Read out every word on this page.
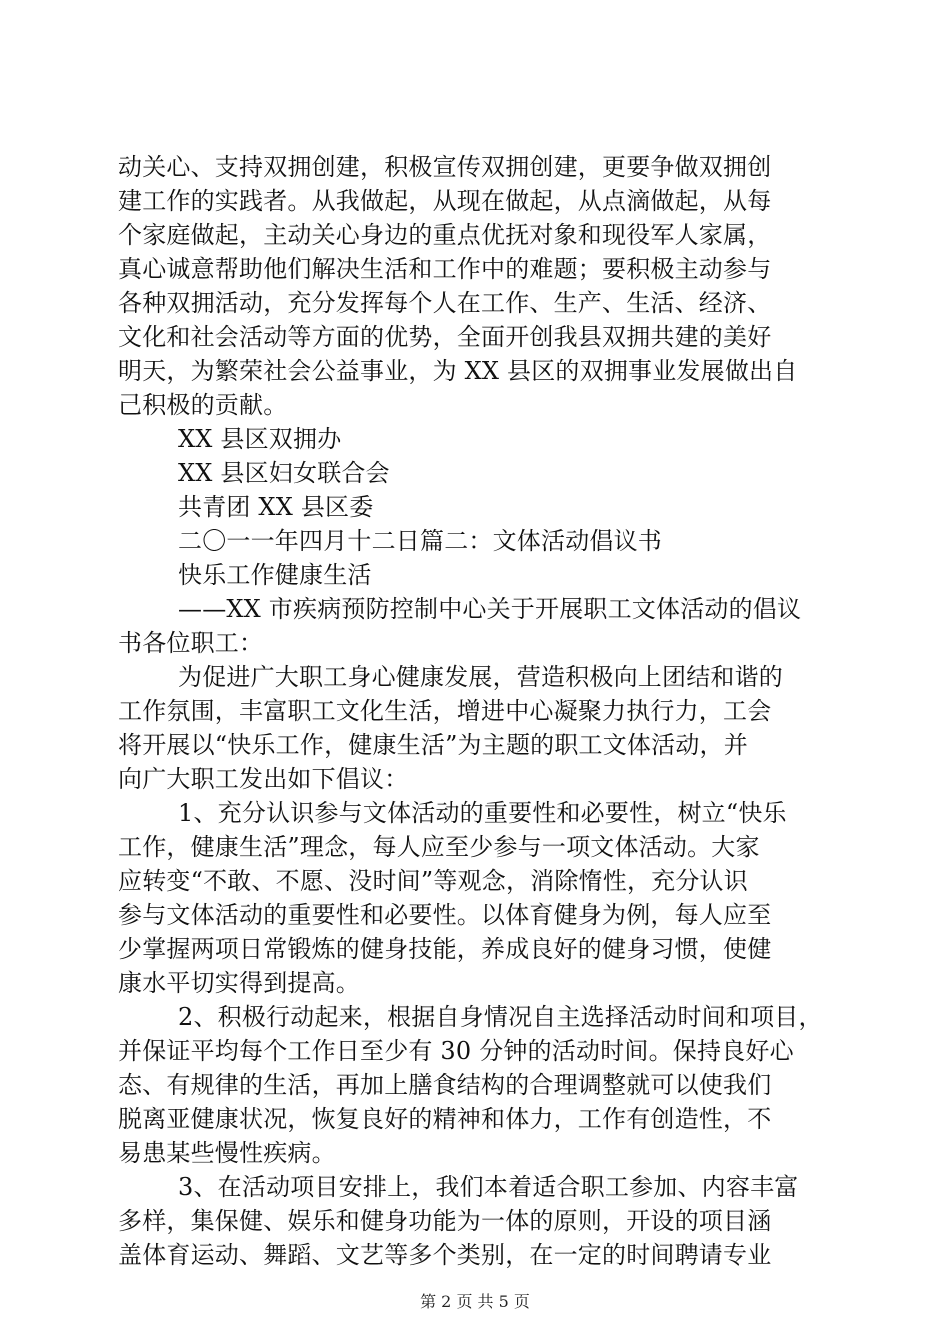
动关心、支持双拥创建，积极宣传双拥创建，更要争做双拥创
建工作的实践者。从我做起，从现在做起，从点滴做起，从每
个家庭做起，主动关心身边的重点优抚对象和现役军人家属，
真心诚意帮助他们解决生活和工作中的难题；要积极主动参与
各种双拥活动，充分发挥每个人在工作、生产、生活、经济、
文化和社会活动等方面的优势，全面开创我县双拥共建的美好
明天，为繁荣社会公益事业，为 XX 县区的双拥事业发展做出自
己积极的贡献。
XX 县区双拥办
XX 县区妇女联合会
共青团 XX 县区委
二〇一一年四月十二日篇二：文体活动倡议书
快乐工作健康生活
——XX 市疾病预防控制中心关于开展职工文体活动的倡议
书各位职工：
为促进广大职工身心健康发展，营造积极向上团结和谐的
工作氛围，丰富职工文化生活，增进中心凝聚力执行力，工会
将开展以“快乐工作，健康生活”为主题的职工文体活动，并
向广大职工发出如下倡议：
1、充分认识参与文体活动的重要性和必要性，树立“快乐
工作，健康生活”理念，每人应至少参与一项文体活动。大家
应转变“不敢、不愿、没时间”等观念，消除惰性，充分认识
参与文体活动的重要性和必要性。以体育健身为例，每人应至
少掌握两项日常锻炼的健身技能，养成良好的健身习惯，使健
康水平切实得到提高。
2、积极行动起来，根据自身情况自主选择活动时间和项目，
并保证平均每个工作日至少有 30 分钟的活动时间。保持良好心
态、有规律的生活，再加上膳食结构的合理调整就可以使我们
脱离亚健康状况，恢复良好的精神和体力，工作有创造性，不
易患某些慢性疾病。
3、在活动项目安排上，我们本着适合职工参加、内容丰富
多样，集保健、娱乐和健身功能为一体的原则，开设的项目涵
盖体育运动、舞蹈、文艺等多个类别，在一定的时间聘请专业
第 2 页 共 5 页
